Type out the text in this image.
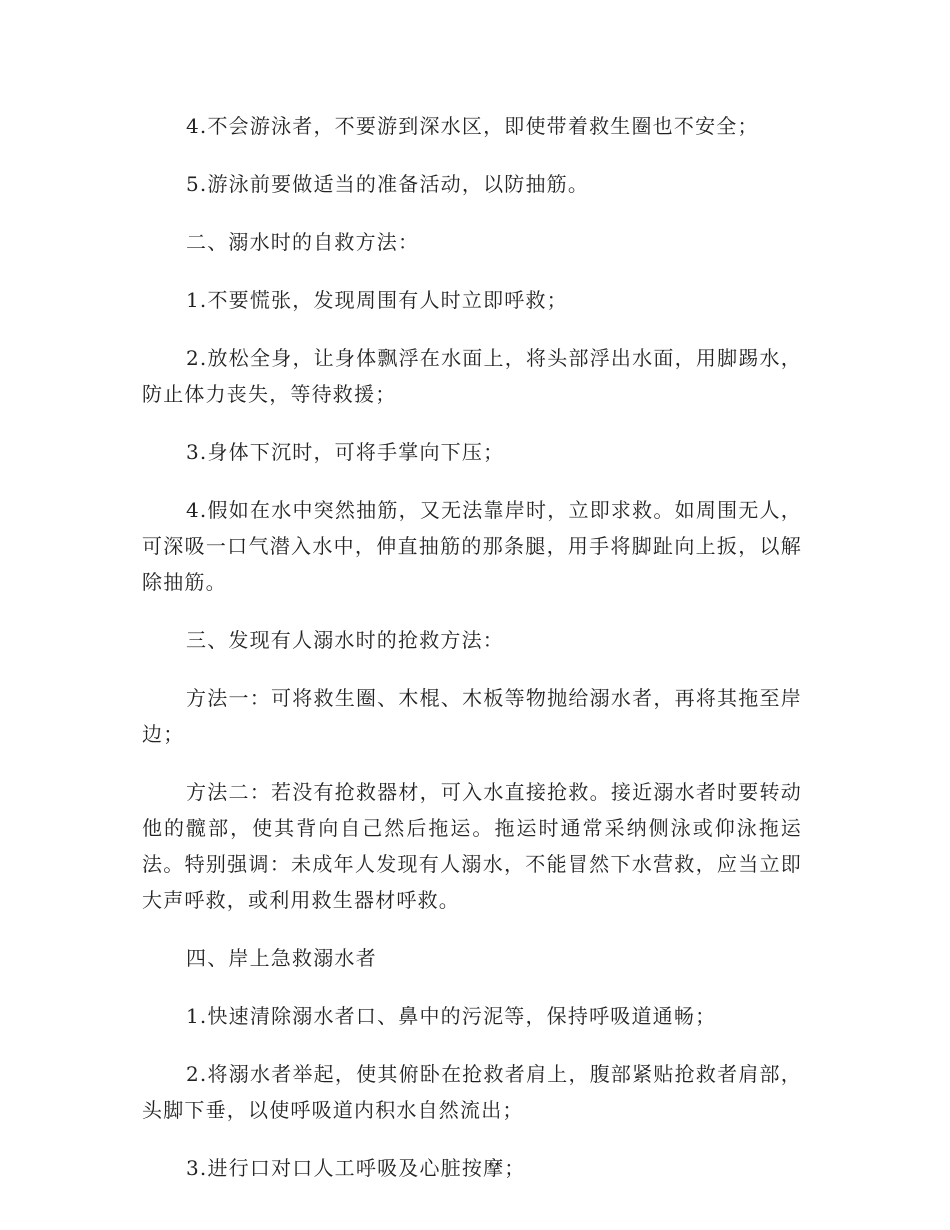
4.不会游泳者，不要游到深水区，即使带着救生圈也不安全；

5.游泳前要做适当的准备活动，以防抽筋。

二、溺水时的自救方法：

1.不要慌张，发现周围有人时立即呼救；

2.放松全身，让身体飘浮在水面上，将头部浮出水面，用脚踢水，防止体力丧失，等待救援；

3.身体下沉时，可将手掌向下压；

4.假如在水中突然抽筋，又无法靠岸时，立即求救。如周围无人，可深吸一口气潜入水中，伸直抽筋的那条腿，用手将脚趾向上扳，以解除抽筋。

三、发现有人溺水时的抢救方法：

方法一：可将救生圈、木棍、木板等物抛给溺水者，再将其拖至岸边；

方法二：若没有抢救器材，可入水直接抢救。接近溺水者时要转动他的髋部，使其背向自己然后拖运。拖运时通常采纳侧泳或仰泳拖运法。特别强调：未成年人发现有人溺水，不能冒然下水营救，应当立即大声呼救，或利用救生器材呼救。

四、岸上急救溺水者

1.快速清除溺水者口、鼻中的污泥等，保持呼吸道通畅；

2.将溺水者举起，使其俯卧在抢救者肩上，腹部紧贴抢救者肩部，头脚下垂，以使呼吸道内积水自然流出；

3.进行口对口人工呼吸及心脏按摩；
